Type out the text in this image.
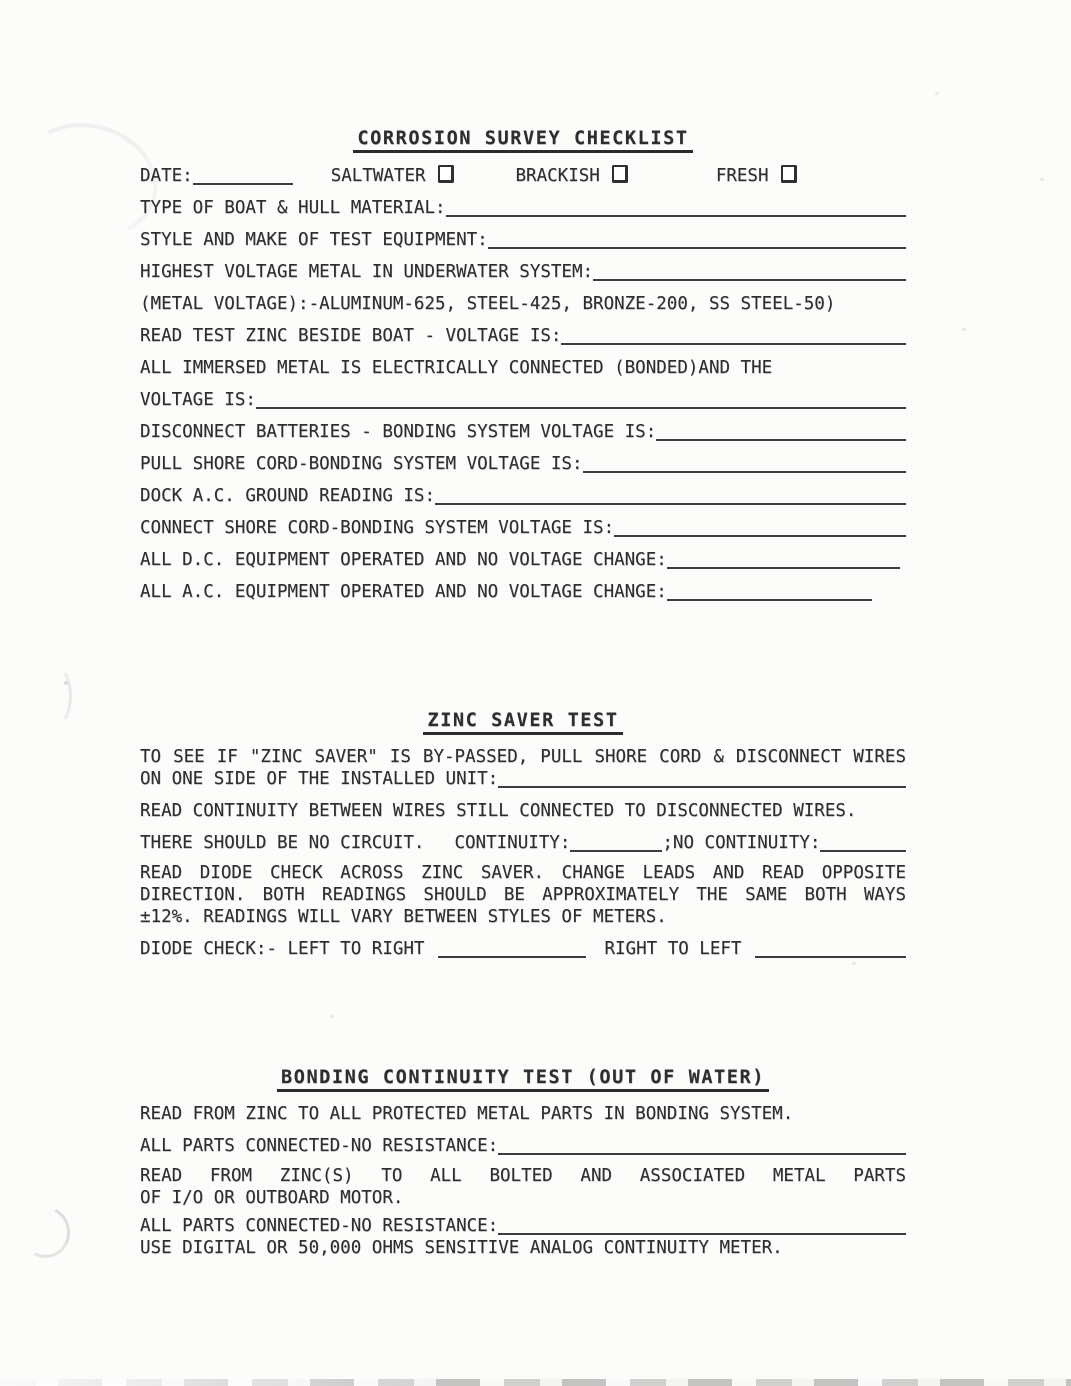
CORROSION SURVEY CHECKLIST
DATE:	SALTWATER	BRACKISH	FRESH
TYPE OF BOAT & HULL MATERIAL:
STYLE AND MAKE OF TEST EQUIPMENT:
HIGHEST VOLTAGE METAL IN UNDERWATER SYSTEM:
(METAL VOLTAGE):-ALUMINUM-625, STEEL-425, BRONZE-200, SS STEEL-50)
READ TEST ZINC BESIDE BOAT - VOLTAGE IS:
ALL IMMERSED METAL IS ELECTRICALLY CONNECTED (BONDED)AND THE
VOLTAGE IS:
DISCONNECT BATTERIES - BONDING SYSTEM VOLTAGE IS:
PULL SHORE CORD-BONDING SYSTEM VOLTAGE IS:
DOCK A.C. GROUND READING IS:
CONNECT SHORE CORD-BONDING SYSTEM VOLTAGE IS:
ALL D.C. EQUIPMENT OPERATED AND NO VOLTAGE CHANGE:
ALL A.C. EQUIPMENT OPERATED AND NO VOLTAGE CHANGE:
ZINC SAVER TEST
TO SEE IF "ZINC SAVER" IS BY-PASSED, PULL SHORE CORD & DISCONNECT WIRES
ON ONE SIDE OF THE INSTALLED UNIT:
READ CONTINUITY BETWEEN WIRES STILL CONNECTED TO DISCONNECTED WIRES.
THERE SHOULD BE NO CIRCUIT. CONTINUITY:	;NO CONTINUITY:
READ DIODE CHECK ACROSS ZINC SAVER. CHANGE LEADS AND READ OPPOSITE
DIRECTION. BOTH READINGS SHOULD BE APPROXIMATELY THE SAME BOTH WAYS
±12%. READINGS WILL VARY BETWEEN STYLES OF METERS.
DIODE CHECK:- LEFT TO RIGHT	RIGHT TO LEFT
BONDING CONTINUITY TEST (OUT OF WATER)
READ FROM ZINC TO ALL PROTECTED METAL PARTS IN BONDING SYSTEM.
ALL PARTS CONNECTED-NO RESISTANCE:
READ FROM ZINC(S) TO ALL BOLTED AND ASSOCIATED METAL PARTS
OF I/O OR OUTBOARD MOTOR.
ALL PARTS CONNECTED-NO RESISTANCE:
USE DIGITAL OR 50,000 OHMS SENSITIVE ANALOG CONTINUITY METER.
